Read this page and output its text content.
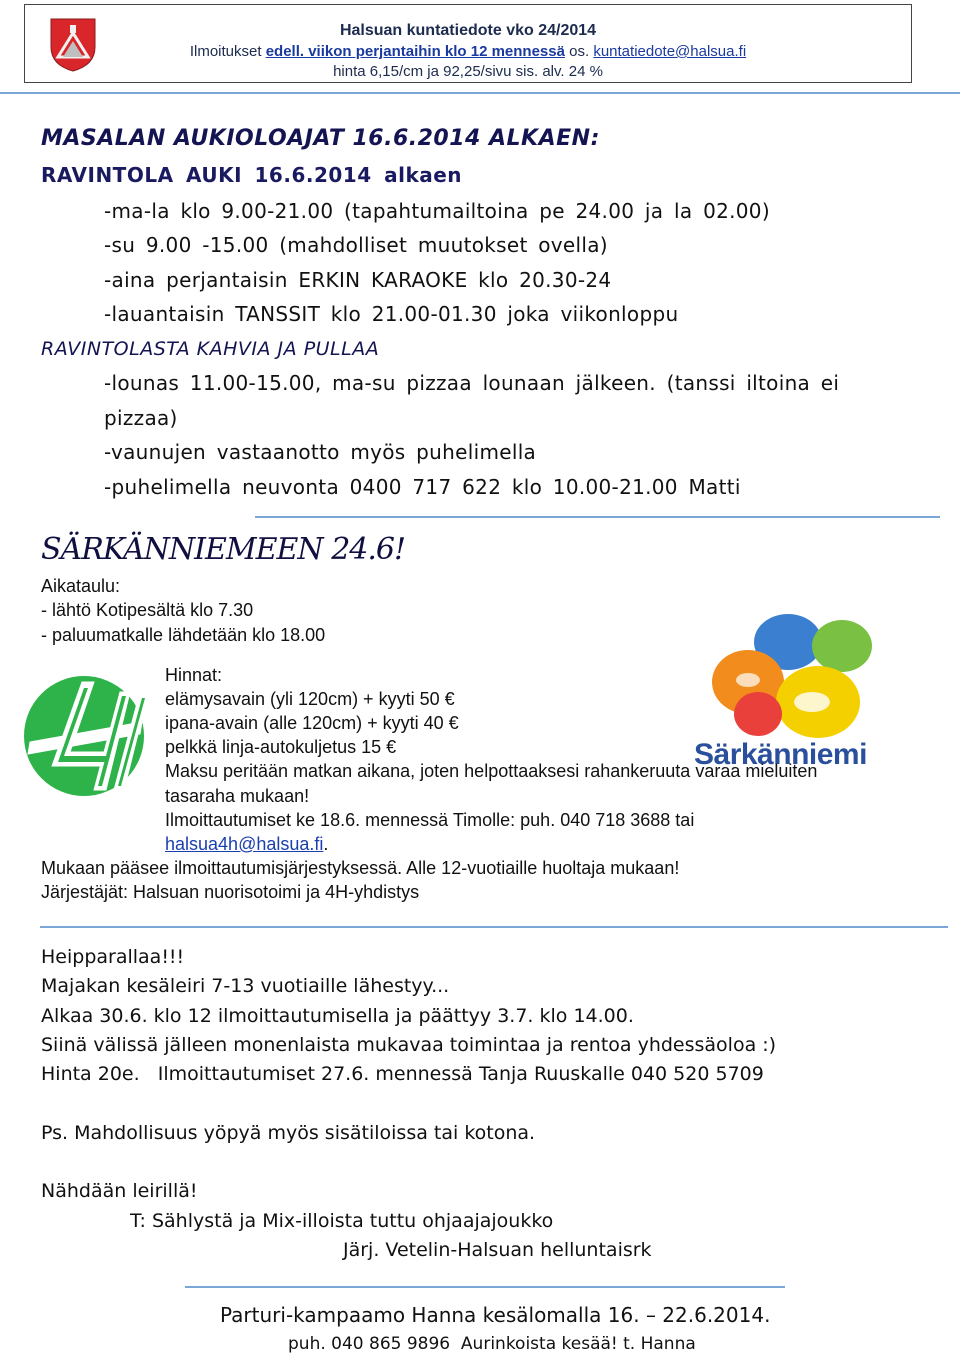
Halsuan kuntatiedote vko 24/2014
Ilmoitukset edell. viikon perjantaihin klo 12 mennessä os. kuntatiedote@halsua.fi
hinta 6,15/cm ja 92,25/sivu sis. alv. 24 %
MASALAN AUKIOLOAJAT 16.6.2014 ALKAEN:
RAVINTOLA AUKI 16.6.2014 alkaen
-ma-la klo 9.00-21.00 (tapahtumailtoina pe 24.00 ja la 02.00)
-su 9.00 -15.00 (mahdolliset muutokset ovella)
-aina perjantaisin ERKIN KARAOKE klo 20.30-24
-lauantaisin TANSSIT klo 21.00-01.30 joka viikonloppu
RAVINTOLASTA KAHVIA JA PULLAA
-lounas 11.00-15.00, ma-su pizzaa lounaan jälkeen. (tanssi iltoina ei
pizzaa)
-vaunujen vastaanotto myös puhelimella
-puhelimella neuvonta 0400 717 622 klo 10.00-21.00 Matti
SÄRKÄNNIEMEEN 24.6!
Aikataulu:
- lähtö Kotipesältä klo 7.30
- paluumatkalle lähdetään klo 18.00
Särkänniemi
Hinnat:
elämysavain (yli 120cm) + kyyti 50 €
ipana-avain (alle 120cm) + kyyti 40 €
pelkkä linja-autokuljetus 15 €
Maksu peritään matkan aikana, joten helpottaaksesi rahankeruuta varaa mieluiten
tasaraha mukaan!
Ilmoittautumiset ke 18.6. mennessä Timolle: puh. 040 718 3688 tai
halsua4h@halsua.fi.
Mukaan pääsee ilmoittautumisjärjestyksessä. Alle 12-vuotiaille huoltaja mukaan!
Järjestäjät: Halsuan nuorisotoimi ja 4H-yhdistys
Heipparallaa!!!
Majakan kesäleiri 7-13 vuotiaille lähestyy...
Alkaa 30.6. klo 12 ilmoittautumisella ja päättyy 3.7. klo 14.00.
Siinä välissä jälleen monenlaista mukavaa toimintaa ja rentoa yhdessäoloa :)
Hinta 20e.   Ilmoittautumiset 27.6. mennessä Tanja Ruuskalle 040 520 5709
Ps. Mahdollisuus yöpyä myös sisätiloissa tai kotona.
Nähdään leirillä!
T: Sählystä ja Mix-illoista tuttu ohjaajajoukko
Järj. Vetelin-Halsuan helluntaisrk
Parturi-kampaamo Hanna kesälomalla 16. – 22.6.2014.
puh. 040 865 9896  Aurinkoista kesää! t. Hanna
